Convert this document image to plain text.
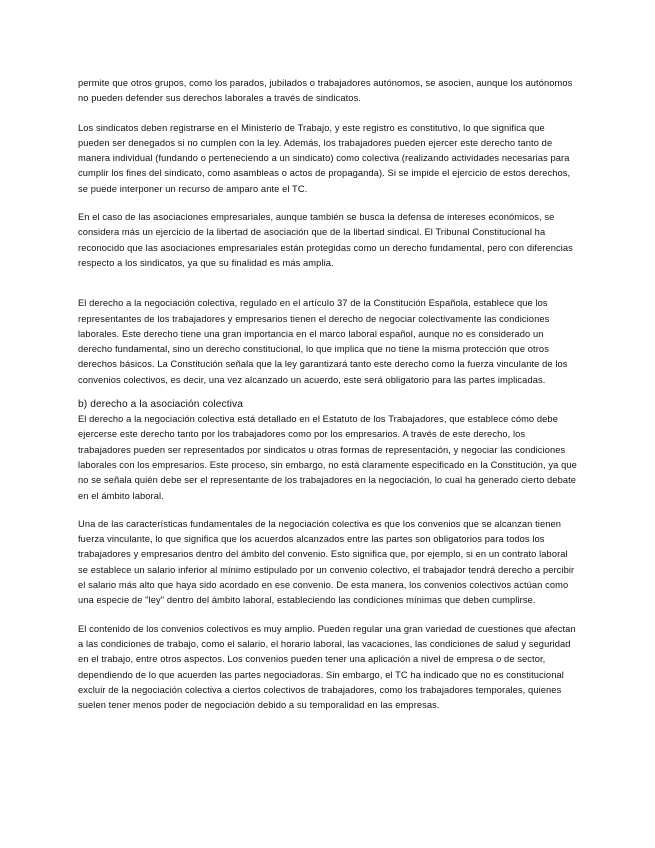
permite que otros grupos, como los parados, jubilados o trabajadores autónomos, se asocien, aunque los autónomos no pueden defender sus derechos laborales a través de sindicatos.

Los sindicatos deben registrarse en el Ministerio de Trabajo, y este registro es constitutivo, lo que significa que pueden ser denegados si no cumplen con la ley. Además, los trabajadores pueden ejercer este derecho tanto de manera individual (fundando o perteneciendo a un sindicato) como colectiva (realizando actividades necesarias para cumplir los fines del sindicato, como asambleas o actos de propaganda). Si se impide el ejercicio de estos derechos, se puede interponer un recurso de amparo ante el TC.

En el caso de las asociaciones empresariales, aunque también se busca la defensa de intereses económicos, se considera más un ejercicio de la libertad de asociación que de la libertad sindical. El Tribunal Constitucional ha reconocido que las asociaciones empresariales están protegidas como un derecho fundamental, pero con diferencias respecto a los sindicatos, ya que su finalidad es más amplia.

El derecho a la negociación colectiva, regulado en el artículo 37 de la Constitución Española, establece que los representantes de los trabajadores y empresarios tienen el derecho de negociar colectivamente las condiciones laborales. Este derecho tiene una gran importancia en el marco laboral español, aunque no es considerado un derecho fundamental, sino un derecho constitucional, lo que implica que no tiene la misma protección que otros derechos básicos. La Constitución señala que la ley garantizará tanto este derecho como la fuerza vinculante de los convenios colectivos, es decir, una vez alcanzado un acuerdo, este será obligatorio para las partes implicadas.

b) derecho a la asociación colectiva

El derecho a la negociación colectiva está detallado en el Estatuto de los Trabajadores, que establece cómo debe ejercerse este derecho tanto por los trabajadores como por los empresarios. A través de este derecho, los trabajadores pueden ser representados por sindicatos u otras formas de representación, y negociar las condiciones laborales con los empresarios. Este proceso, sin embargo, no está claramente especificado en la Constitución, ya que no se señala quién debe ser el representante de los trabajadores en la negociación, lo cual ha generado cierto debate en el ámbito laboral.

Una de las características fundamentales de la negociación colectiva es que los convenios que se alcanzan tienen fuerza vinculante, lo que significa que los acuerdos alcanzados entre las partes son obligatorios para todos los trabajadores y empresarios dentro del ámbito del convenio. Esto significa que, por ejemplo, si en un contrato laboral se establece un salario inferior al mínimo estipulado por un convenio colectivo, el trabajador tendrá derecho a percibir el salario más alto que haya sido acordado en ese convenio. De esta manera, los convenios colectivos actúan como una especie de "ley" dentro del ámbito laboral, estableciendo las condiciones mínimas que deben cumplirse.

El contenido de los convenios colectivos es muy amplio. Pueden regular una gran variedad de cuestiones que afectan a las condiciones de trabajo, como el salario, el horario laboral, las vacaciones, las condiciones de salud y seguridad en el trabajo, entre otros aspectos. Los convenios pueden tener una aplicación a nivel de empresa o de sector, dependiendo de lo que acuerden las partes negociadoras. Sin embargo, el TC ha indicado que no es constitucional excluir de la negociación colectiva a ciertos colectivos de trabajadores, como los trabajadores temporales, quienes suelen tener menos poder de negociación debido a su temporalidad en las empresas.
